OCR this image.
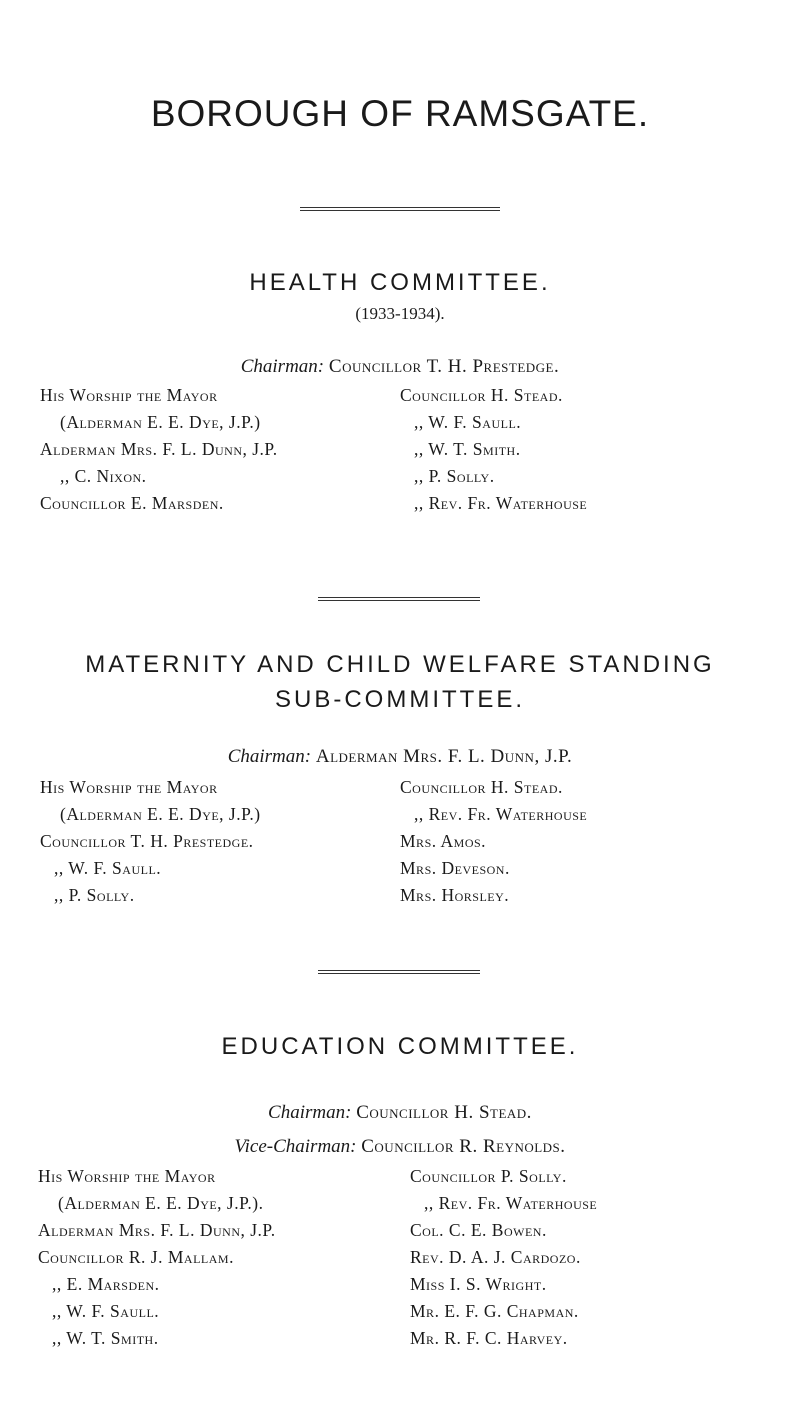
BOROUGH OF RAMSGATE.
HEALTH COMMITTEE.
(1933-1934).
Chairman: Councillor T. H. Prestedge.
His Worship the Mayor
(Alderman E. E. Dye, J.P.)
Alderman Mrs. F. L. Dunn, J.P.
,, C. Nixon.
Councillor E. Marsden.
Councillor H. Stead.
,, W. F. Saull.
,, W. T. Smith.
,, P. Solly.
,, Rev. Fr. Waterhouse
MATERNITY AND CHILD WELFARE STANDING
SUB-COMMITTEE.
Chairman: Alderman Mrs. F. L. Dunn, J.P.
His Worship the Mayor
(Alderman E. E. Dye, J.P.)
Councillor T. H. Prestedge.
,, W. F. Saull.
,, P. Solly.
Councillor H. Stead.
,, Rev. Fr. Waterhouse
Mrs. Amos.
Mrs. Deveson.
Mrs. Horsley.
EDUCATION COMMITTEE.
Chairman: Councillor H. Stead.
Vice-Chairman: Councillor R. Reynolds.
His Worship the Mayor
(Alderman E. E. Dye, J.P.).
Alderman Mrs. F. L. Dunn, J.P.
Councillor R. J. Mallam.
,, E. Marsden.
,, W. F. Saull.
,, W. T. Smith.
Councillor P. Solly.
,, Rev. Fr. Waterhouse
Col. C. E. Bowen.
Rev. D. A. J. Cardozo.
Miss I. S. Wright.
Mr. E. F. G. Chapman.
Mr. R. F. C. Harvey.
